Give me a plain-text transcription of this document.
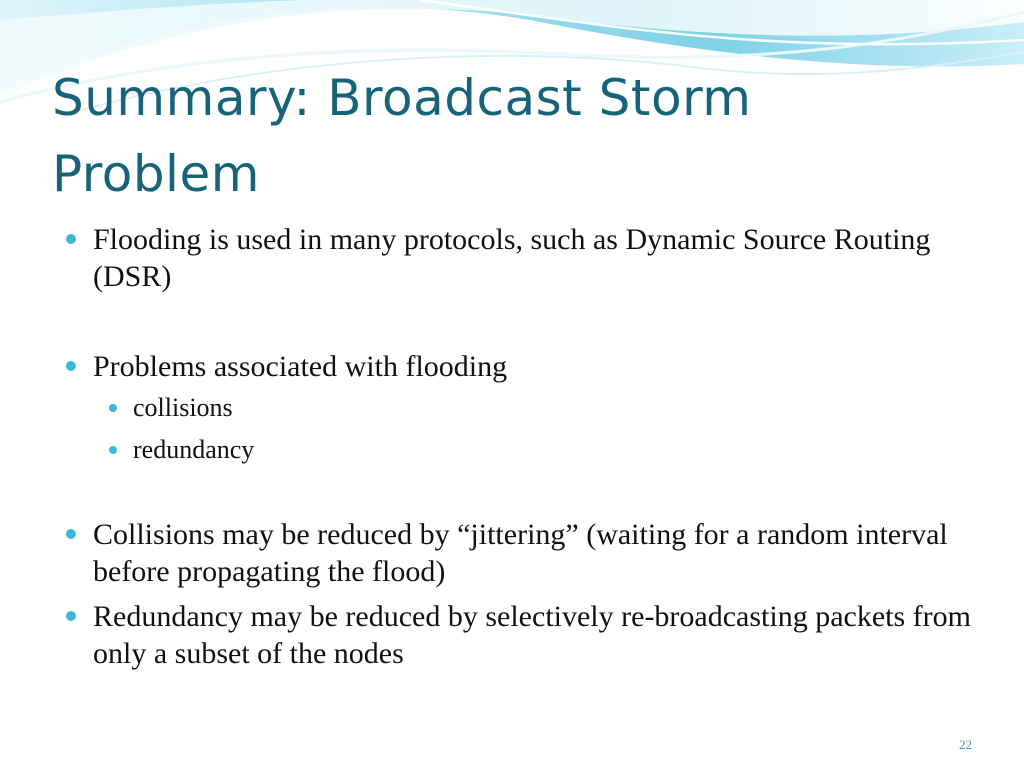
Summary: Broadcast Storm Problem
Flooding is used in many protocols, such as Dynamic Source Routing (DSR)
Problems associated with flooding
collisions
redundancy
Collisions may be reduced by “jittering” (waiting for a random interval before propagating the flood)
Redundancy may be reduced by selectively re-broadcasting packets from only a subset of the nodes
22
